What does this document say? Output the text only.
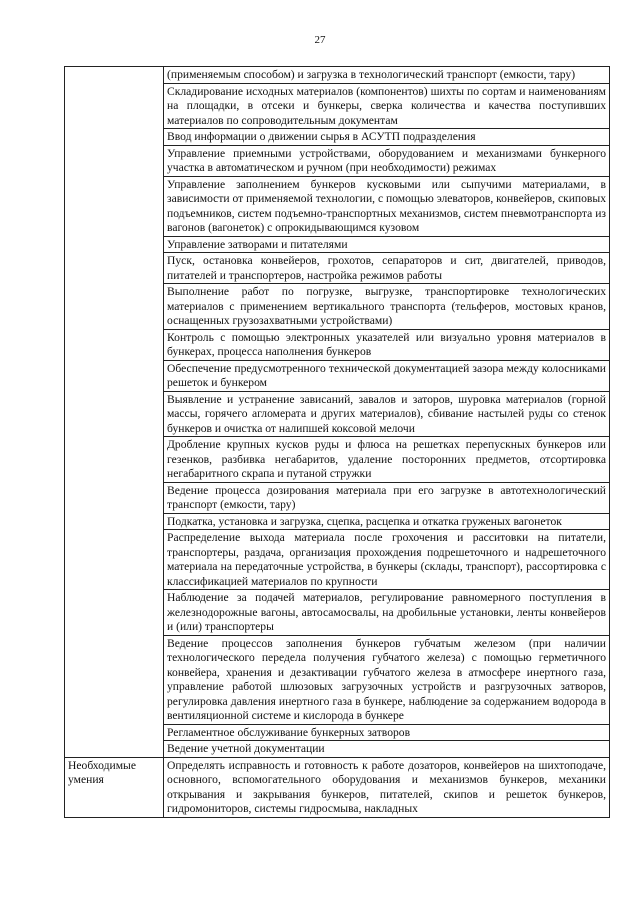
27
	(применяемым способом) и загрузка в технологический транспорт (емкости, тару)
	Складирование исходных материалов (компонентов) шихты по сортам и наименованиям на площадки, в отсеки и бункеры, сверка количества и качества поступивших материалов по сопроводительным документам
	Ввод информации о движении сырья в АСУТП подразделения
	Управление приемными устройствами, оборудованием и механизмами бункерного участка в автоматическом и ручном (при необходимости) режимах
	Управление заполнением бункеров кусковыми или сыпучими материалами, в зависимости от применяемой технологии, с помощью элеваторов, конвейеров, скиповых подъемников, систем подъемно-транспортных механизмов, систем пневмотранспорта из вагонов (вагонеток) с опрокидывающимся кузовом
	Управление затворами и питателями
	Пуск, остановка конвейеров, грохотов, сепараторов и сит, двигателей, приводов, питателей и транспортеров, настройка режимов работы
	Выполнение работ по погрузке, выгрузке, транспортировке технологических материалов с применением вертикального транспорта (тельферов, мостовых кранов, оснащенных грузозахватными устройствами)
	Контроль с помощью электронных указателей или визуально уровня материалов в бункерах, процесса наполнения бункеров
	Обеспечение предусмотренного технической документацией зазора между колосниками решеток и бункером
	Выявление и устранение зависаний, завалов и заторов, шуровка материалов (горной массы, горячего агломерата и других материалов), сбивание настылей руды со стенок бункеров и очистка от налипшей коксовой мелочи
	Дробление крупных кусков руды и флюса на решетках перепускных бункеров или гезенков, разбивка негабаритов, удаление посторонних предметов, отсортировка негабаритного скрапа и путаной стружки
	Ведение процесса дозирования материала при его загрузке в автотехнологический транспорт (емкости, тару)
	Подкатка, установка и загрузка, сцепка, расцепка и откатка груженых вагонеток
	Распределение выхода материала после грохочения и расситовки на питатели, транспортеры, раздача, организация прохождения подрешеточного и надрешеточного материала на передаточные устройства, в бункеры (склады, транспорт), рассортировка с классификацией материалов по крупности
	Наблюдение за подачей материалов, регулирование равномерного поступления в железнодорожные вагоны, автосамосвалы, на дробильные установки, ленты конвейеров и (или) транспортеры
	Ведение процессов заполнения бункеров губчатым железом (при наличии технологического передела получения губчатого железа) с помощью герметичного конвейера, хранения и дезактивации губчатого железа в атмосфере инертного газа, управление работой шлюзовых загрузочных устройств и разгрузочных затворов, регулировка давления инертного газа в бункере, наблюдение за содержанием водорода в вентиляционной системе и кислорода в бункере
	Регламентное обслуживание бункерных затворов
	Ведение учетной документации
Необходимые умения	Определять исправность и готовность к работе дозаторов, конвейеров на шихтоподаче, основного, вспомогательного оборудования и механизмов бункеров, механики открывания и закрывания бункеров, питателей, скипов и решеток бункеров, гидромониторов, системы гидросмыва, накладных
